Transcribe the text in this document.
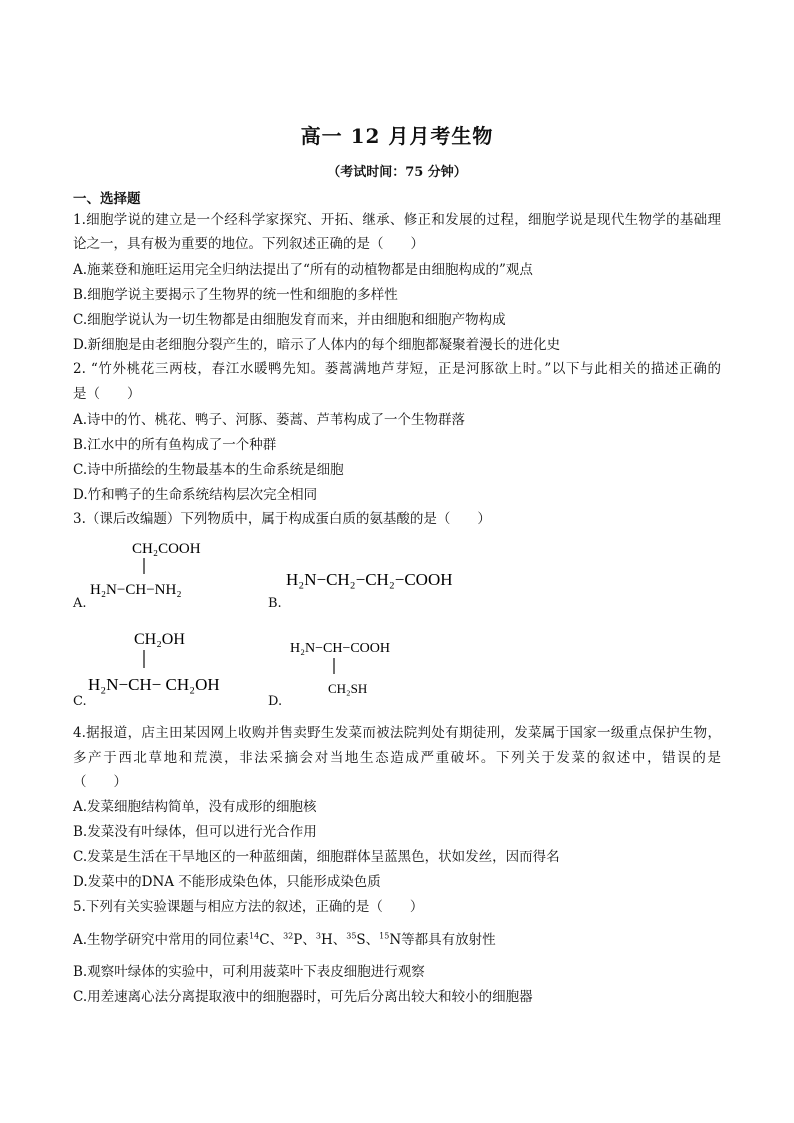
高一 12 月月考生物
（考试时间：75 分钟）
一、选择题
1.细胞学说的建立是一个经科学家探究、开拓、继承、修正和发展的过程，细胞学说是现代生物学的基础理
论之一，具有极为重要的地位。下列叙述正确的是（　　）
A.施莱登和施旺运用完全归纳法提出了“所有的动植物都是由细胞构成的”观点
B.细胞学说主要揭示了生物界的统一性和细胞的多样性
C.细胞学说认为一切生物都是由细胞发育而来，并由细胞和细胞产物构成
D.新细胞是由老细胞分裂产生的，暗示了人体内的每个细胞都凝聚着漫长的进化史
2. “竹外桃花三两枝，春江水暖鸭先知。蒌蒿满地芦芽短，正是河豚欲上时。”以下与此相关的描述正确的
是（　　）
A.诗中的竹、桃花、鸭子、河豚、蒌蒿、芦苇构成了一个生物群落
B.江水中的所有鱼构成了一个种群
C.诗中所描绘的生物最基本的生命系统是细胞
D.竹和鸭子的生命系统结构层次完全相同
3.（课后改编题）下列物质中，属于构成蛋白质的氨基酸的是（　　）
A.
CH₂COOH
H₂N−CH−NH₂
B.
H₂N−CH₂−CH₂−COOH
C.
CH₂OH
H₂N−CH− CH₂OH
D.
H₂N−CH−COOH
CH₂SH
4.据报道，店主田某因网上收购并售卖野生发菜而被法院判处有期徒刑，发菜属于国家一级重点保护生物，
多产于西北草地和荒漠，非法采摘会对当地生态造成严重破坏。下列关于发菜的叙述中，错误的是
（　　）
A.发菜细胞结构简单，没有成形的细胞核
B.发菜没有叶绿体，但可以进行光合作用
C.发菜是生活在干旱地区的一种蓝细菌，细胞群体呈蓝黑色，状如发丝，因而得名
D.发菜中的DNA 不能形成染色体，只能形成染色质
5.下列有关实验课题与相应方法的叙述，正确的是（　　）
A.生物学研究中常用的同位素$^{14}$C、$^{32}$P、$^3$H、$^{35}$S、$^{15}$N等都具有放射性
B.观察叶绿体的实验中，可利用菠菜叶下表皮细胞进行观察
C.用差速离心法分离提取液中的细胞器时，可先后分离出较大和较小的细胞器
